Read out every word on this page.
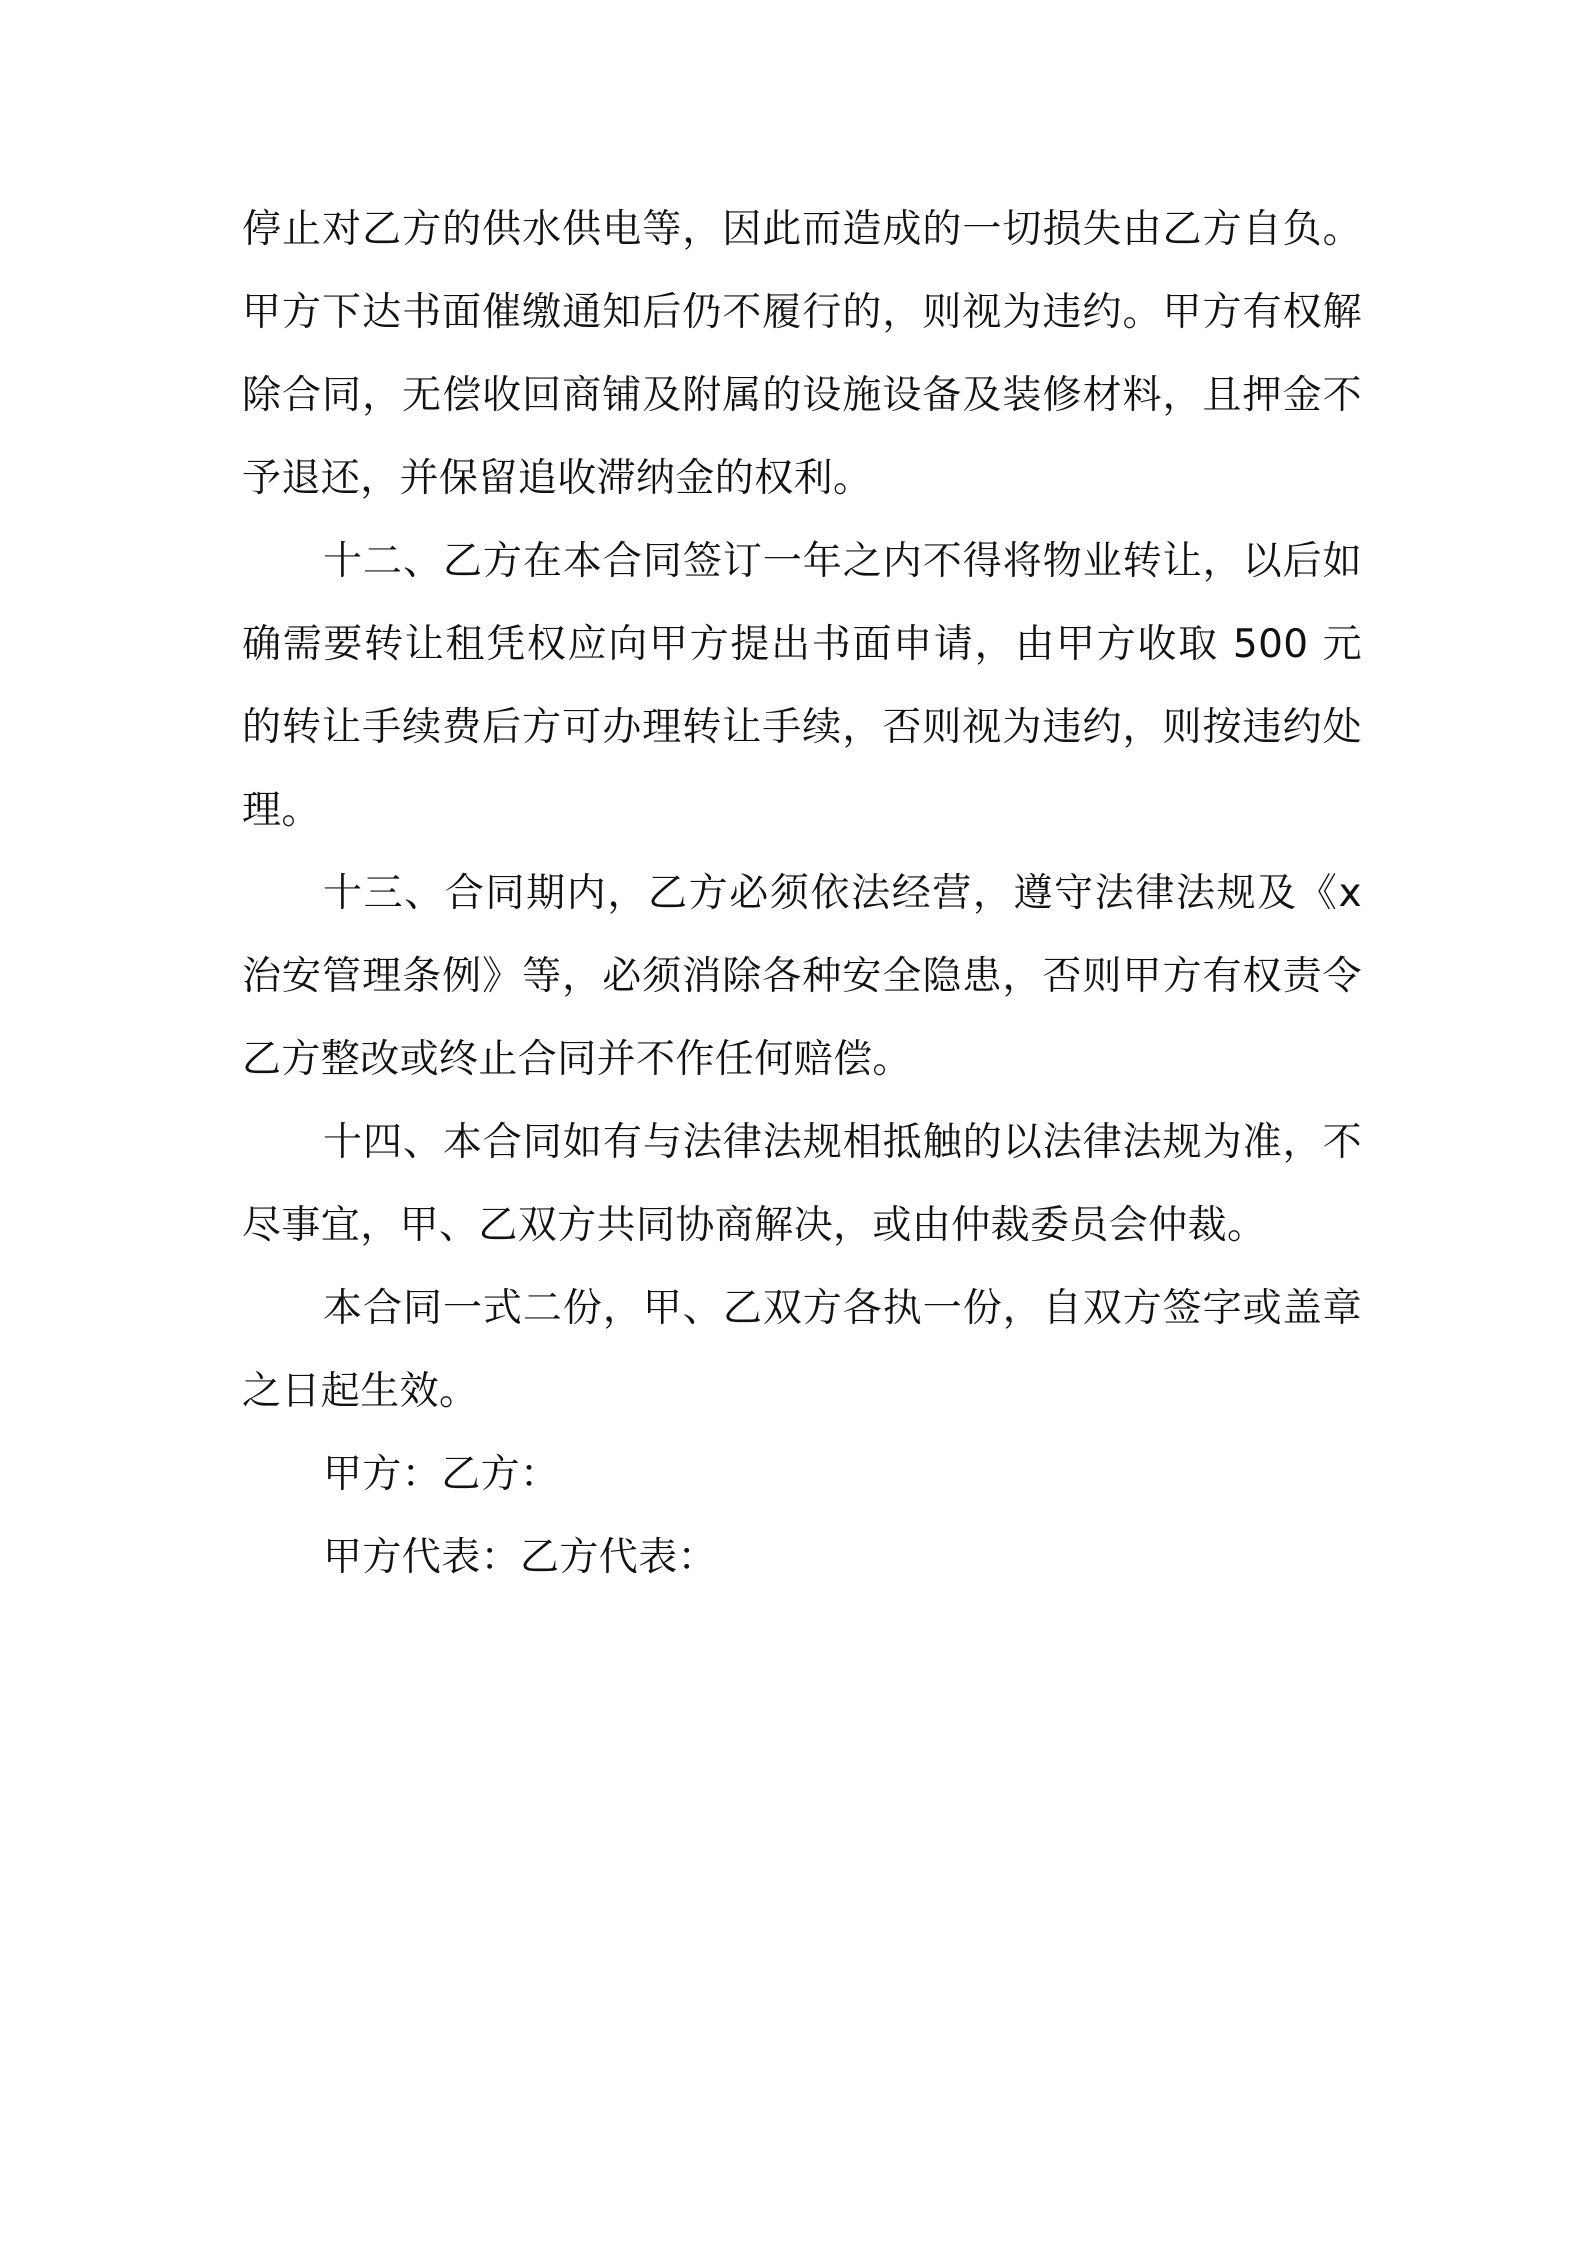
停止对乙方的供水供电等，因此而造成的一切损失由乙方自负。
甲方下达书面催缴通知后仍不履行的，则视为违约。甲方有权解
除合同，无偿收回商铺及附属的设施设备及装修材料，且押金不
予退还，并保留追收滞纳金的权利。
十二、乙方在本合同签订一年之内不得将物业转让，以后如
确需要转让租凭权应向甲方提出书面申请，由甲方收取 500 元
的转让手续费后方可办理转让手续，否则视为违约，则按违约处
理。
十三、合同期内，乙方必须依法经营，遵守法律法规及《x
治安管理条例》等，必须消除各种安全隐患，否则甲方有权责令
乙方整改或终止合同并不作任何赔偿。
十四、本合同如有与法律法规相抵触的以法律法规为准，不
尽事宜，甲、乙双方共同协商解决，或由仲裁委员会仲裁。
本合同一式二份，甲、乙双方各执一份，自双方签字或盖章
之日起生效。
甲方：乙方：
甲方代表：乙方代表：
